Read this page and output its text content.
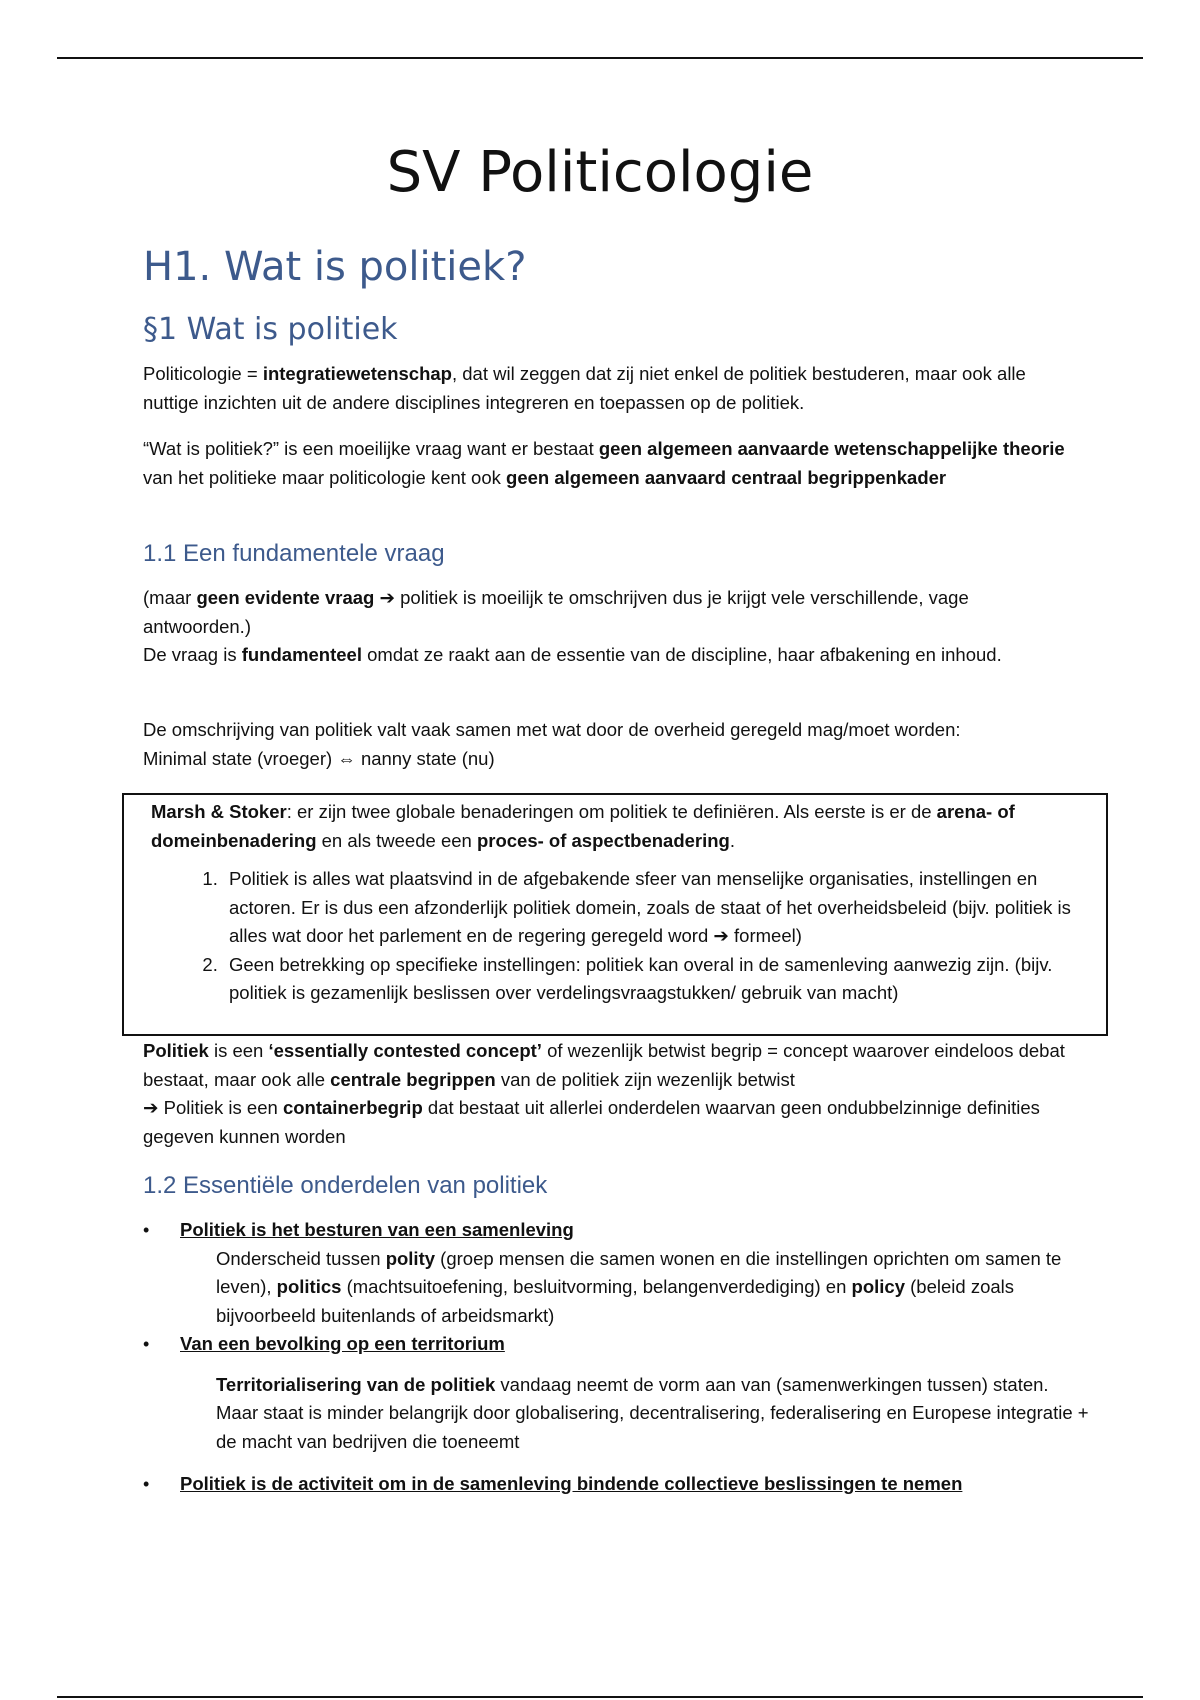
SV Politicologie
H1. Wat is politiek?
§1 Wat is politiek

Politicologie = integratiewetenschap, dat wil zeggen dat zij niet enkel de politiek bestuderen, maar ook alle nuttige inzichten uit de andere disciplines integreren en toepassen op de politiek.

“Wat is politiek?” is een moeilijke vraag want er bestaat geen algemeen aanvaarde wetenschappelijke theorie van het politieke maar politicologie kent ook geen algemeen aanvaard centraal begrippenkader

1.1 Een fundamentele vraag

(maar geen evidente vraag ➔ politiek is moeilijk te omschrijven dus je krijgt vele verschillende, vage antwoorden.)
De vraag is fundamenteel omdat ze raakt aan de essentie van de discipline, haar afbakening en inhoud.

De omschrijving van politiek valt vaak samen met wat door de overheid geregeld mag/moet worden:
Minimal state (vroeger) ⇔ nanny state (nu)

Marsh & Stoker: er zijn twee globale benaderingen om politiek te definiëren. Als eerste is er de arena- of domeinbenadering en als tweede een proces- of aspectbenadering.

1. Politiek is alles wat plaatsvind in de afgebakende sfeer van menselijke organisaties, instellingen en actoren. Er is dus een afzonderlijk politiek domein, zoals de staat of het overheidsbeleid (bijv. politiek is alles wat door het parlement en de regering geregeld word ➔ formeel)
2. Geen betrekking op specifieke instellingen: politiek kan overal in de samenleving aanwezig zijn. (bijv. politiek is gezamenlijk beslissen over verdelingsvraagstukken/ gebruik van macht)

Politiek is een ‘essentially contested concept’ of wezenlijk betwist begrip = concept waarover eindeloos debat bestaat, maar ook alle centrale begrippen van de politiek zijn wezenlijk betwist
➔ Politiek is een containerbegrip dat bestaat uit allerlei onderdelen waarvan geen ondubbelzinnige definities gegeven kunnen worden

1.2 Essentiële onderdelen van politiek
• Politiek is het besturen van een samenleving

Onderscheid tussen polity (groep mensen die samen wonen en die instellingen oprichten om samen te leven), politics (machtsuitoefening, besluitvorming, belangenverdediging) en policy (beleid zoals bijvoorbeeld buitenlands of arbeidsmarkt)

• Van een bevolking op een territorium

Territorialisering van de politiek vandaag neemt de vorm aan van (samenwerkingen tussen) staten. Maar staat is minder belangrijk door globalisering, decentralisering, federalisering en Europese integratie + de macht van bedrijven die toeneemt

• Politiek is de activiteit om in de samenleving bindende collectieve beslissingen te nemen
